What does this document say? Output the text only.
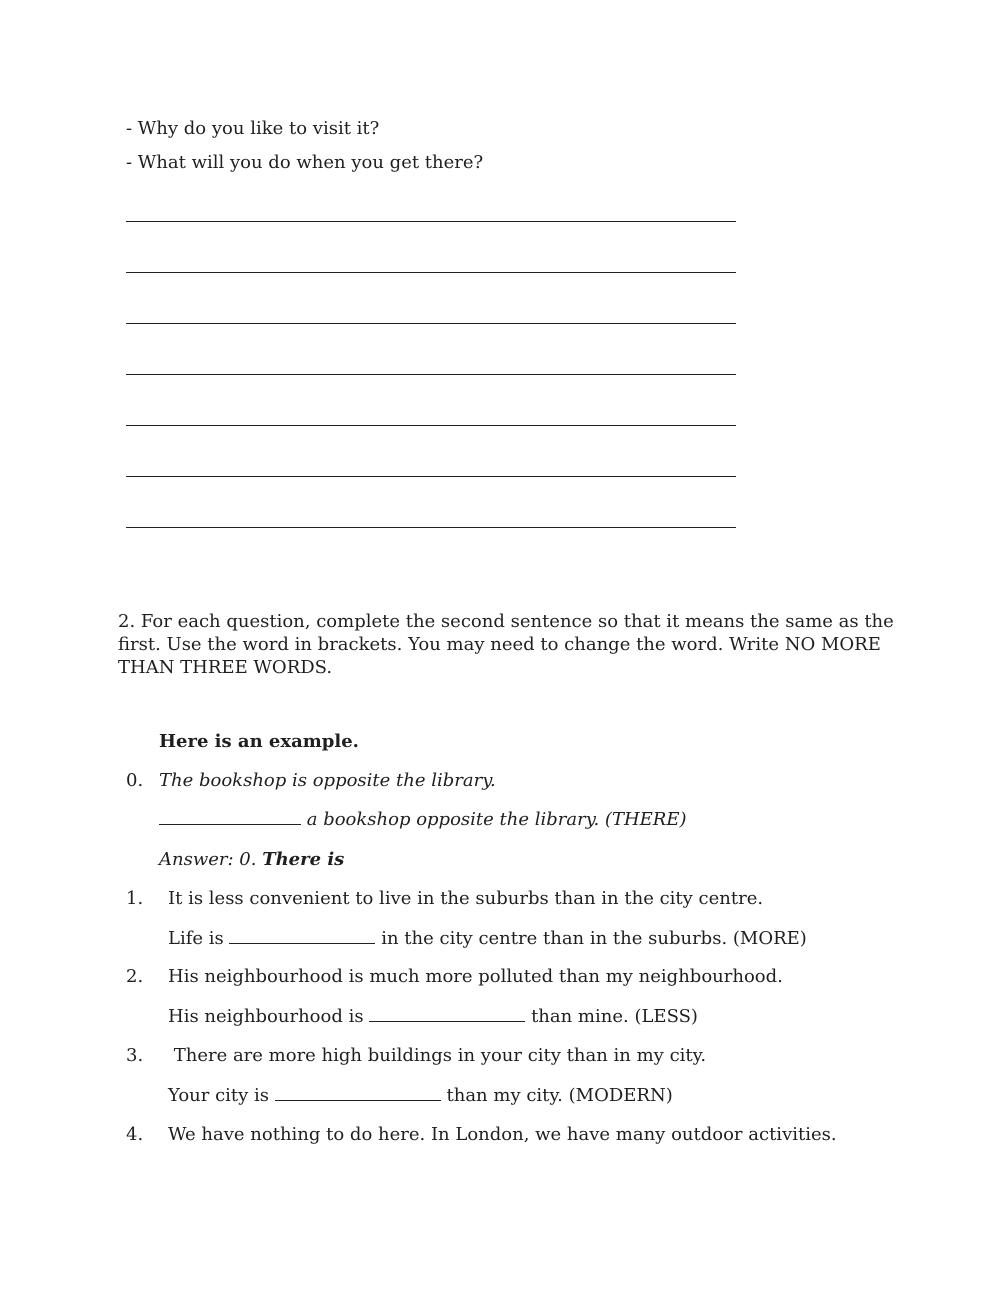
- Why do you like to visit it?
- What will you do when you get there?
2. For each question, complete the second sentence so that it means the same as the first. Use the word in brackets. You may need to change the word. Write NO MORE THAN THREE WORDS.
Here is an example.
0. The bookshop is opposite the library.
a bookshop opposite the library. (THERE)
Answer: 0. There is
1. It is less convenient to live in the suburbs than in the city centre.
Life is	in the city centre than in the suburbs. (MORE)
2. His neighbourhood is much more polluted than my neighbourhood.
His neighbourhood is	than mine. (LESS)
3. There are more high buildings in your city than in my city.
Your city is	than my city. (MODERN)
4. We have nothing to do here. In London, we have many outdoor activities.
